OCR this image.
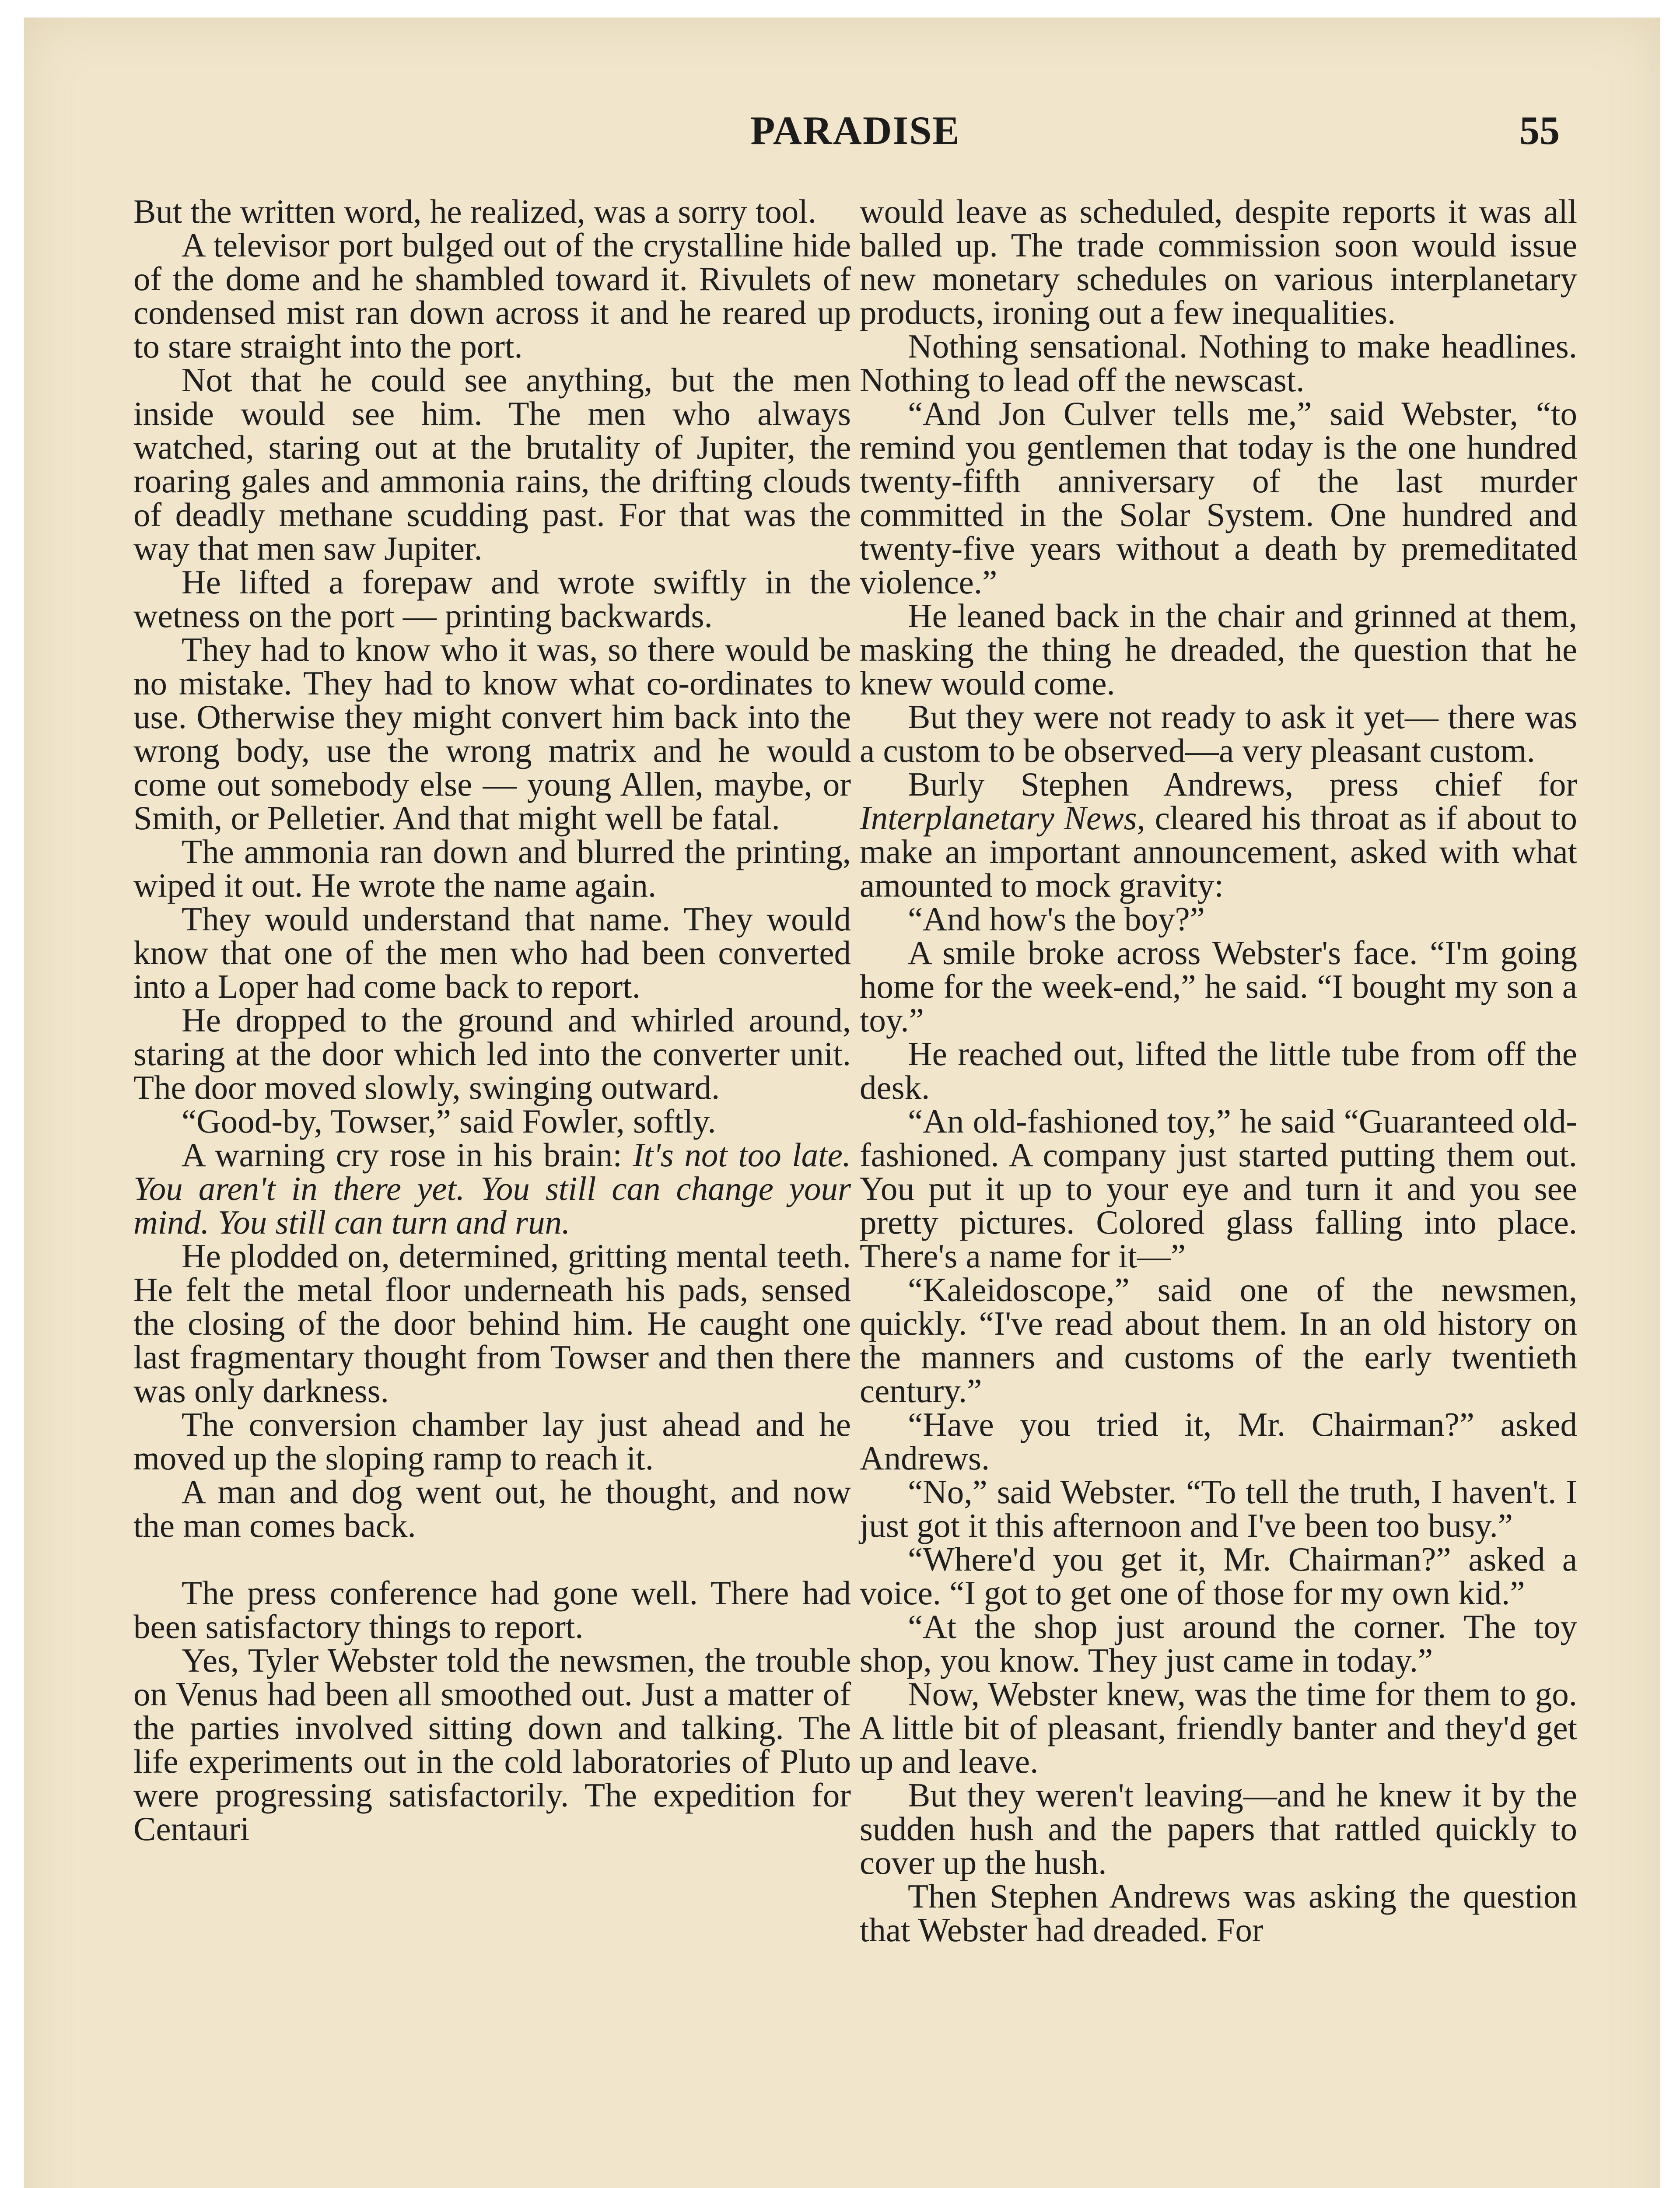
PARADISE	55

But the written word, he realized, was a sorry tool.

A televisor port bulged out of the crystalline hide of the dome and he shambled toward it. Rivulets of condensed mist ran down across it and he reared up to stare straight into the port.

Not that he could see anything, but the men inside would see him. The men who always watched, staring out at the brutality of Jupiter, the roaring gales and ammonia rains, the drifting clouds of deadly methane scudding past. For that was the way that men saw Jupiter.

He lifted a forepaw and wrote swiftly in the wetness on the port — printing backwards.

They had to know who it was, so there would be no mistake. They had to know what co-ordinates to use. Otherwise they might convert him back into the wrong body, use the wrong matrix and he would come out somebody else — young Allen, maybe, or Smith, or Pelletier. And that might well be fatal.

The ammonia ran down and blurred the printing, wiped it out. He wrote the name again.

They would understand that name. They would know that one of the men who had been converted into a Loper had come back to report.

He dropped to the ground and whirled around, staring at the door which led into the converter unit. The door moved slowly, swinging outward.

“Good-by, Towser,” said Fowler, softly.

A warning cry rose in his brain: It's not too late. You aren't in there yet. You still can change your mind. You still can turn and run.

He plodded on, determined, gritting mental teeth. He felt the metal floor underneath his pads, sensed the closing of the door behind him. He caught one last fragmentary thought from Towser and then there was only darkness.

The conversion chamber lay just ahead and he moved up the sloping ramp to reach it.

A man and dog went out, he thought, and now the man comes back.

The press conference had gone well. There had been satisfactory things to report.

Yes, Tyler Webster told the newsmen, the trouble on Venus had been all smoothed out. Just a matter of the parties involved sitting down and talking. The life experiments out in the cold laboratories of Pluto were progressing satisfactorily. The expedition for Centauri

would leave as scheduled, despite reports it was all balled up. The trade commission soon would issue new monetary schedules on various interplanetary products, ironing out a few inequalities.

Nothing sensational. Nothing to make headlines. Nothing to lead off the newscast.

“And Jon Culver tells me,” said Webster, “to remind you gentlemen that today is the one hundred twenty-fifth anniversary of the last murder committed in the Solar System. One hundred and twenty-five years without a death by premeditated violence.”

He leaned back in the chair and grinned at them, masking the thing he dreaded, the question that he knew would come.

But they were not ready to ask it yet— there was a custom to be observed—a very pleasant custom.

Burly Stephen Andrews, press chief for Interplanetary News, cleared his throat as if about to make an important announcement, asked with what amounted to mock gravity:

“And how's the boy?”

A smile broke across Webster's face. “I'm going home for the week-end,” he said. “I bought my son a toy.”

He reached out, lifted the little tube from off the desk.

“An old-fashioned toy,” he said “Guaranteed old-fashioned. A company just started putting them out. You put it up to your eye and turn it and you see pretty pictures. Colored glass falling into place. There's a name for it—”

“Kaleidoscope,” said one of the newsmen, quickly. “I've read about them. In an old history on the manners and customs of the early twentieth century.”

“Have you tried it, Mr. Chairman?” asked Andrews.

“No,” said Webster. “To tell the truth, I haven't. I just got it this afternoon and I've been too busy.”

“Where'd you get it, Mr. Chairman?” asked a voice. “I got to get one of those for my own kid.”

“At the shop just around the corner. The toy shop, you know. They just came in today.”

Now, Webster knew, was the time for them to go. A little bit of pleasant, friendly banter and they'd get up and leave.

But they weren't leaving—and he knew it by the sudden hush and the papers that rattled quickly to cover up the hush.

Then Stephen Andrews was asking the question that Webster had dreaded. For
